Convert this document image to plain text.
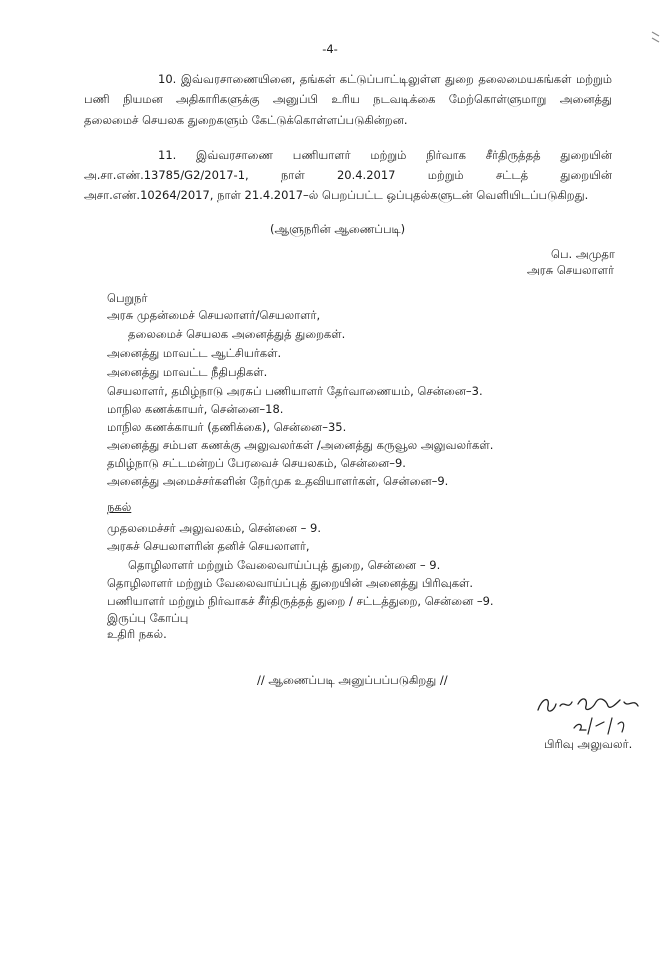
-4-
10. இவ்வரசாணையினை, தங்கள் கட்டுப்பாட்டிலுள்ள துறை தலைமையகங்கள் மற்றும்
பணி நியமன அதிகாரிகளுக்கு அனுப்பி உரிய நடவடிக்கை மேற்கொள்ளுமாறு அனைத்து
தலைமைச் செயலக துறைகளும் கேட்டுக்கொள்ளப்படுகின்றன.
11. இவ்வரசாணை பணியாளர் மற்றும் நிர்வாக சீர்திருத்தத் துறையின்
அ.சா.எண்.13785/G2/2017-1, நாள் 20.4.2017 மற்றும் சட்டத் துறையின்
அசா.எண்.10264/2017, நாள் 21.4.2017–ல் பெறப்பட்ட ஒப்புதல்களுடன் வெளியிடப்படுகிறது.
(ஆளுநரின் ஆணைப்படி)
பெ. அமுதா
அரசு செயலாளர்
பெறுநர்
அரசு முதன்மைச் செயலாளர்/செயலாளர்,
தலைமைச் செயலக அனைத்துத் துறைகள்.
அனைத்து மாவட்ட ஆட்சியர்கள்.
அனைத்து மாவட்ட நீதிபதிகள்.
செயலாளர், தமிழ்நாடு அரசுப் பணியாளர் தேர்வாணையம், சென்னை–3.
மாநில கணக்காயர், சென்னை–18.
மாநில கணக்காயர் (தணிக்கை), சென்னை–35.
அனைத்து சம்பள கணக்கு அலுவலர்கள் /அனைத்து கருவூல அலுவலர்கள்.
தமிழ்நாடு சட்டமன்றப் பேரவைச் செயலகம், சென்னை–9.
அனைத்து அமைச்சர்களின் நேர்முக உதவியாளர்கள், சென்னை–9.
நகல்
முதலமைச்சர் அலுவலகம், சென்னை – 9.
அரசுச் செயலாளரின் தனிச் செயலாளர்,
தொழிலாளர் மற்றும் வேலைவாய்ப்புத் துறை, சென்னை – 9.
தொழிலாளர் மற்றும் வேலைவாய்ப்புத் துறையின் அனைத்து பிரிவுகள்.
பணியாளர் மற்றும் நிர்வாகச் சீர்திருத்தத் துறை / சட்டத்துறை, சென்னை –9.
இருப்பு கோப்பு
உதிரி நகல்.
// ஆணைப்படி அனுப்பப்படுகிறது //
பிரிவு அலுவலர்.
